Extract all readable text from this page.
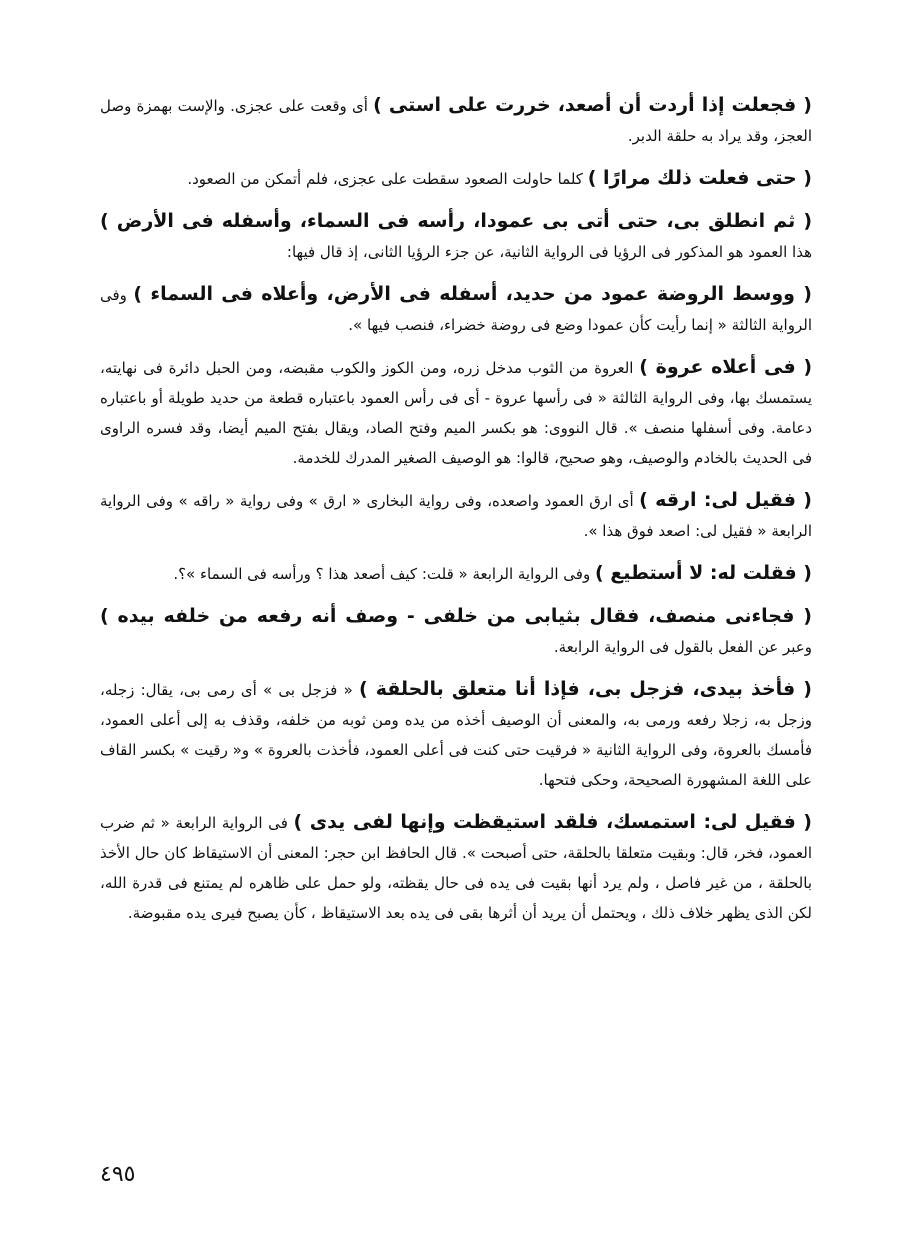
( فجعلت إذا أردت أن أصعد، خررت على استى ) أى وقعت على عجزى. والإست بهمزة وصل العجز، وقد يراد به حلقة الدبر.

( حتى فعلت ذلك مرارًا ) كلما حاولت الصعود سقطت على عجزى، فلم أتمكن من الصعود.

( ثم انطلق بى، حتى أتى بى عمودا، رأسه فى السماء، وأسفله فى الأرض ) هذا العمود هو المذكور فى الرؤيا فى الرواية الثانية، عن جزء الرؤيا الثانى، إذ قال فيها:

( ووسط الروضة عمود من حديد، أسفله فى الأرض، وأعلاه فى السماء ) وفى الرواية الثالثة « إنما رأيت كأن عمودا وضع فى روضة خضراء، فنصب فيها ».

( فى أعلاه عروة ) العروة من الثوب مدخل زره، ومن الكوز والكوب مقبضه، ومن الحبل دائرة فى نهايته، يستمسك بها، وفى الرواية الثالثة « فى رأسها عروة - أى فى رأس العمود باعتباره قطعة من حديد طويلة أو باعتباره دعامة. وفى أسفلها منصف ». قال النووى: هو بكسر الميم وفتح الصاد، ويقال بفتح الميم أيضا، وقد فسره الراوى فى الحديث بالخادم والوصيف، وهو صحيح، قالوا: هو الوصيف الصغير المدرك للخدمة.

( فقيل لى: ارقه ) أى ارق العمود واصعده، وفى رواية البخارى « ارق » وفى رواية « راقه » وفى الرواية الرابعة « فقيل لى: اصعد فوق هذا ».

( فقلت له: لا أستطيع ) وفى الرواية الرابعة « قلت: كيف أصعد هذا ؟ ورأسه فى السماء »؟.

( فجاءنى منصف، فقال بثيابى من خلفى - وصف أنه رفعه من خلفه بيده ) وعبر عن الفعل بالقول فى الرواية الرابعة.

( فأخذ بيدى، فزجل بى، فإذا أنا متعلق بالحلقة ) « فزجل بى » أى رمى بى، يقال: زجله، وزجل به، زجلا رفعه ورمى به، والمعنى أن الوصيف أخذه من يده ومن ثوبه من خلفه، وقذف به إلى أعلى العمود، فأمسك بالعروة، وفى الرواية الثانية « فرقيت حتى كنت فى أعلى العمود، فأخذت بالعروة » و« رقيت » بكسر القاف على اللغة المشهورة الصحيحة، وحكى فتحها.

( فقيل لى: استمسك، فلقد استيقظت وإنها لفى يدى ) فى الرواية الرابعة « ثم ضرب العمود، فخر، قال: وبقيت متعلقا بالحلقة، حتى أصبحت ». قال الحافظ ابن حجر: المعنى أن الاستيقاظ كان حال الأخذ بالحلقة ، من غير فاصل ، ولم يرد أنها بقيت فى يده فى حال يقظته، ولو حمل على ظاهره لم يمتنع فى قدرة الله، لكن الذى يظهر خلاف ذلك ، ويحتمل أن يريد أن أثرها بقى فى يده بعد الاستيقاظ ، كأن يصبح فيرى يده مقبوضة.

٤٩٥
